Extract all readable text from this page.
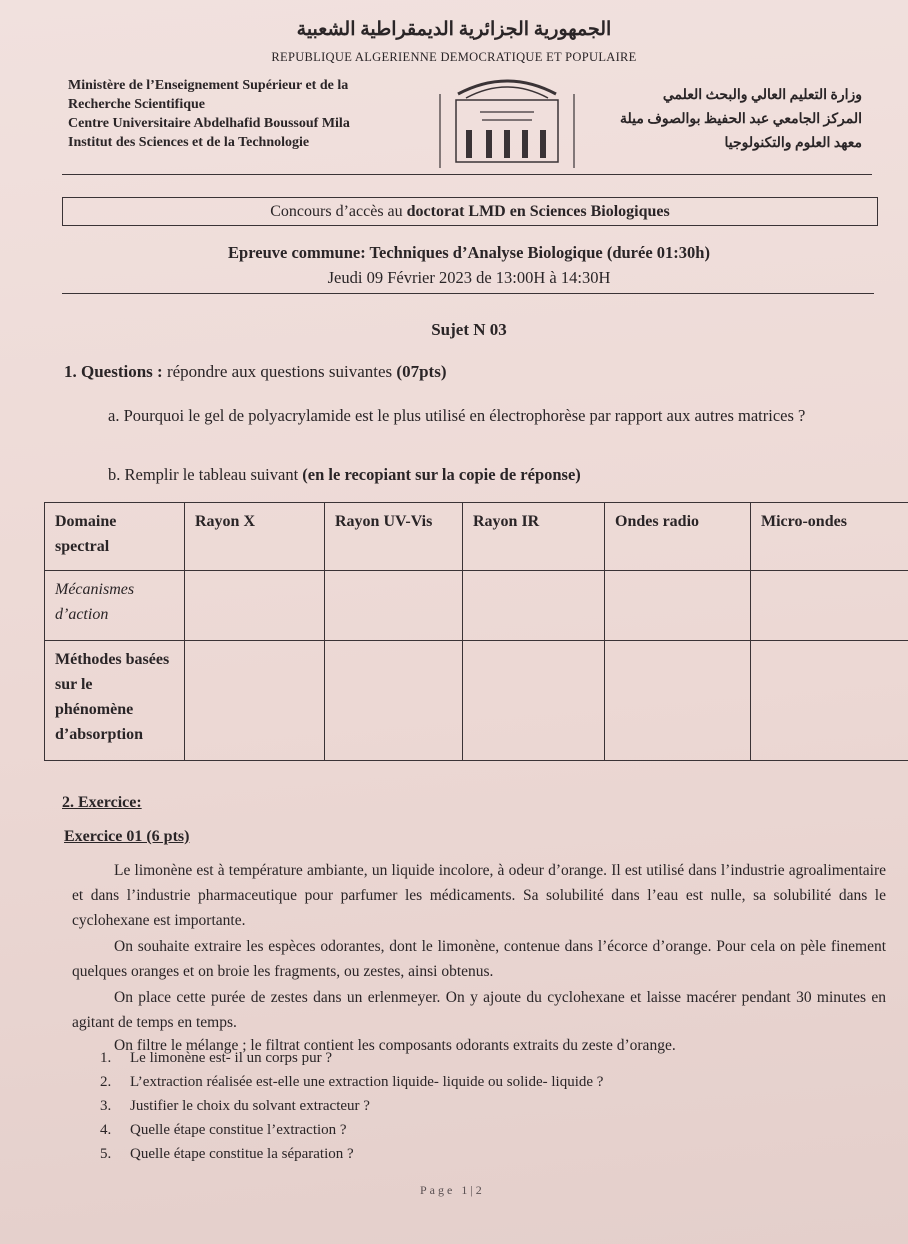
الجمهورية الجزائرية الديمقراطية الشعبية
REPUBLIQUE ALGERIENNE DEMOCRATIQUE ET POPULAIRE
Ministère de l’Enseignement Supérieur et de la
Recherche Scientifique
Centre Universitaire Abdelhafid Boussouf Mila
Institut des Sciences et de la Technologie
وزارة التعليم العالي والبحث العلمي
المركز الجامعي عبد الحفيظ بوالصوف ميلة
معهد العلوم والتكنولوجيا
Concours d’accès au doctorat LMD en Sciences Biologiques
Epreuve commune: Techniques d’Analyse Biologique (durée 01:30h)
Jeudi 09 Février 2023 de 13:00H à 14:30H
Sujet N 03
1. Questions : répondre aux questions suivantes (07pts)
a. Pourquoi le gel de polyacrylamide est le plus utilisé en électrophorèse par rapport aux autres matrices ?
b. Remplir le tableau suivant (en le recopiant sur la copie de réponse)
Domaine spectral	Rayon X	Rayon UV-Vis	Rayon IR	Ondes radio	Micro-ondes
Mécanismes d’action					
Méthodes basées sur le phénomène d’absorption					
2. Exercice:
Exercice 01 (6 pts)
Le limonène est à température ambiante, un liquide incolore, à odeur d’orange. Il est utilisé dans l’industrie agroalimentaire et dans l’industrie pharmaceutique pour parfumer les médicaments. Sa solubilité dans l’eau est nulle, sa solubilité dans le cyclohexane est importante.
On souhaite extraire les espèces odorantes, dont le limonène, contenue dans l’écorce d’orange. Pour cela on pèle finement quelques oranges et on broie les fragments, ou zestes, ainsi obtenus.
On place cette purée de zestes dans un erlenmeyer. On y ajoute du cyclohexane et laisse macérer pendant 30 minutes en agitant de temps en temps.
On filtre le mélange ; le filtrat contient les composants odorants extraits du zeste d’orange.
1.	Le limonène est- il un corps pur ?
2.	L’extraction réalisée est-elle une extraction liquide- liquide ou solide- liquide ?
3.	Justifier le choix du solvant extracteur ?
4.	Quelle étape constitue l’extraction ?
5.	Quelle étape constitue la séparation ?
Page 1|2
